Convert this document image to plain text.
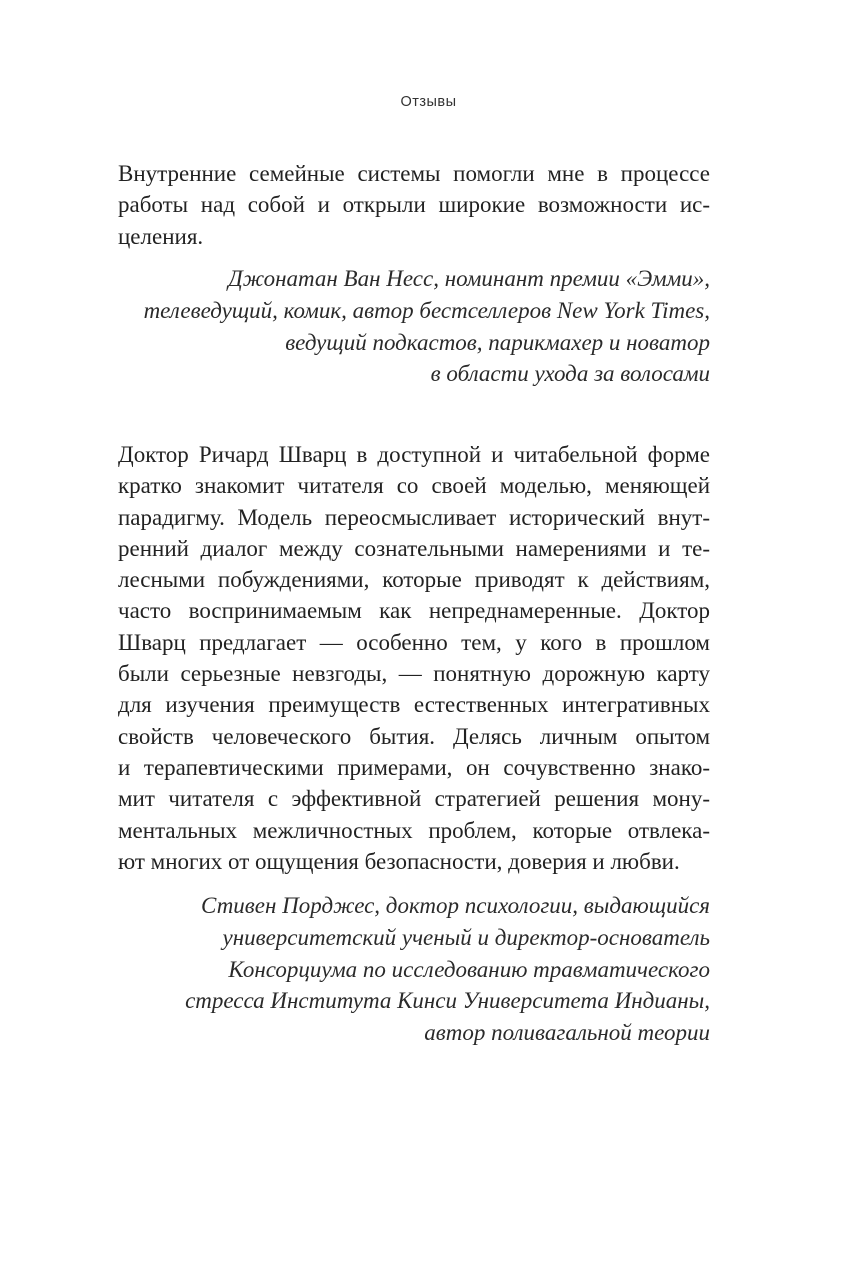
Отзывы
Внутренние семейные системы помогли мне в процессе
работы над собой и открыли широкие возможности ис-
целения.
Джонатан Ван Несс, номинант премии «Эмми»,
телеведущий, комик, автор бестселлеров New York Times,
ведущий подкастов, парикмахер и новатор
в области ухода за волосами
Доктор Ричард Шварц в доступной и читабельной форме
кратко знакомит читателя со своей моделью, меняющей
парадигму. Модель переосмысливает исторический внут-
ренний диалог между сознательными намерениями и те-
лесными побуждениями, которые приводят к действиям,
часто воспринимаемым как непреднамеренные. Доктор
Шварц предлагает — особенно тем, у кого в прошлом
были серьезные невзгоды, — понятную дорожную карту
для изучения преимуществ естественных интегративных
свойств человеческого бытия. Делясь личным опытом
и терапевтическими примерами, он сочувственно знако-
мит читателя с эффективной стратегией решения мону-
ментальных межличностных проблем, которые отвлека-
ют многих от ощущения безопасности, доверия и любви.
Стивен Порджес, доктор психологии, выдающийся
университетский ученый и директор-основатель
Консорциума по исследованию травматического
стресса Института Кинси Университета Индианы,
автор поливагальной теории
